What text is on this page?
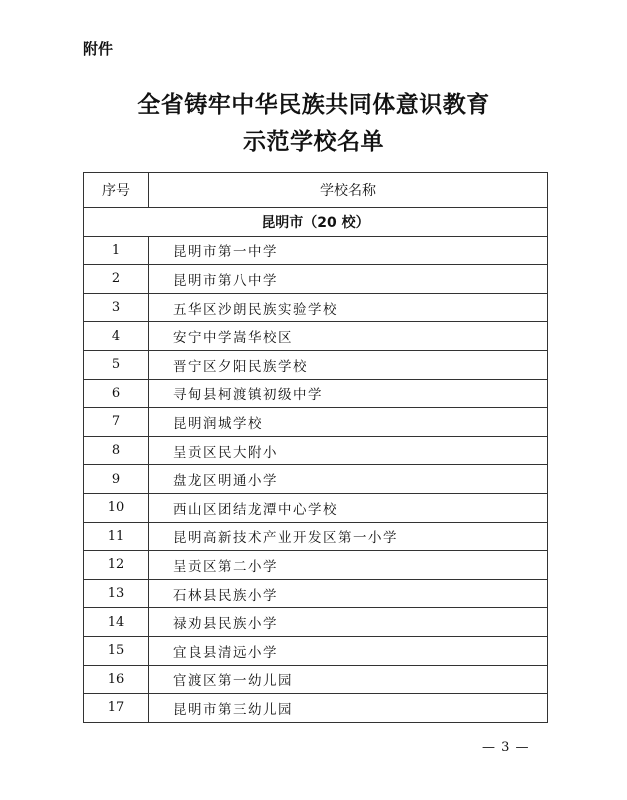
附件
全省铸牢中华民族共同体意识教育
示范学校名单
序号	学校名称
昆明市（20 校）	
1	昆明市第一中学
2	昆明市第八中学
3	五华区沙朗民族实验学校
4	安宁中学嵩华校区
5	晋宁区夕阳民族学校
6	寻甸县柯渡镇初级中学
7	昆明润城学校
8	呈贡区民大附小
9	盘龙区明通小学
10	西山区团结龙潭中心学校
11	昆明高新技术产业开发区第一小学
12	呈贡区第二小学
13	石林县民族小学
14	禄劝县民族小学
15	宜良县清远小学
16	官渡区第一幼儿园
17	昆明市第三幼儿园
— 3 —
